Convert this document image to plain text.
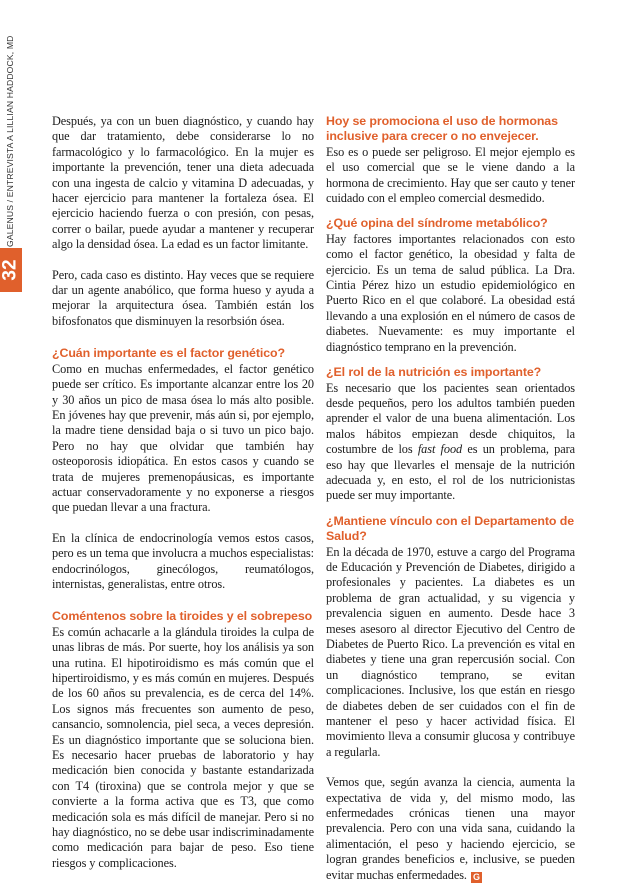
GALENUS / ENTREVISTA A LILLIAN HADDOCK, MD
32

Después, ya con un buen diagnóstico, y cuando hay que dar tratamiento, debe considerarse lo no farmacológico y lo farmacológico. En la mujer es importante la prevención, tener una dieta adecuada con una ingesta de calcio y vitamina D adecuadas, y hacer ejercicio para mantener la fortaleza ósea. El ejercicio haciendo fuerza o con presión, con pesas, correr o bailar, puede ayudar a mantener y recuperar algo la densidad ósea. La edad es un factor limitante.

Pero, cada caso es distinto. Hay veces que se requiere dar un agente anabólico, que forma hueso y ayuda a mejorar la arquitectura ósea. También están los bifosfonatos que disminuyen la resorbsión ósea.

¿Cuán importante es el factor genético?

Como en muchas enfermedades, el factor genético puede ser crítico. Es importante alcanzar entre los 20 y 30 años un pico de masa ósea lo más alto posible. En jóvenes hay que prevenir, más aún si, por ejemplo, la madre tiene densidad baja o si tuvo un pico bajo. Pero no hay que olvidar que también hay osteoporosis idiopática. En estos casos y cuando se trata de mujeres premenopáusicas, es importante actuar conservadoramente y no exponerse a riesgos que puedan llevar a una fractura.

En la clínica de endocrinología vemos estos casos, pero es un tema que involucra a muchos especialistas: endocrinólogos, ginecólogos, reumatólogos, internistas, generalistas, entre otros.

Coméntenos sobre la tiroides y el sobrepeso

Es común achacarle a la glándula tiroides la culpa de unas libras de más. Por suerte, hoy los análisis ya son una rutina. El hipotiroidismo es más común que el hipertiroidismo, y es más común en mujeres. Después de los 60 años su prevalencia, es de cerca del 14%. Los signos más frecuentes son aumento de peso, cansancio, somnolencia, piel seca, a veces depresión. Es un diagnóstico importante que se soluciona bien. Es necesario hacer pruebas de laboratorio y hay medicación bien conocida y bastante estandarizada con T4 (tiroxina) que se controla mejor y que se convierte a la forma activa que es T3, que como medicación sola es más difícil de manejar. Pero si no hay diagnóstico, no se debe usar indiscriminadamente como medicación para bajar de peso. Eso tiene riesgos y complicaciones.

Hoy se promociona el uso de hormonas inclusive para crecer o no envejecer.

Eso es o puede ser peligroso. El mejor ejemplo es el uso comercial que se le viene dando a la hormona de crecimiento. Hay que ser cauto y tener cuidado con el empleo comercial desmedido.

¿Qué opina del síndrome metabólico?

Hay factores importantes relacionados con esto como el factor genético, la obesidad y falta de ejercicio. Es un tema de salud pública. La Dra. Cintia Pérez hizo un estudio epidemiológico en Puerto Rico en el que colaboré. La obesidad está llevando a una explosión en el número de casos de diabetes. Nuevamente: es muy importante el diagnóstico temprano en la prevención.

¿El rol de la nutrición es importante?

Es necesario que los pacientes sean orientados desde pequeños, pero los adultos también pueden aprender el valor de una buena alimentación. Los malos hábitos empiezan desde chiquitos, la costumbre de los fast food es un problema, para eso hay que llevarles el mensaje de la nutrición adecuada y, en esto, el rol de los nutricionistas puede ser muy importante.

¿Mantiene vínculo con el Departamento de Salud?

En la década de 1970, estuve a cargo del Programa de Educación y Prevención de Diabetes, dirigido a profesionales y pacientes. La diabetes es un problema de gran actualidad, y su vigencia y prevalencia siguen en aumento. Desde hace 3 meses asesoro al director Ejecutivo del Centro de Diabetes de Puerto Rico. La prevención es vital en diabetes y tiene una gran repercusión social. Con un diagnóstico temprano, se evitan complicaciones. Inclusive, los que están en riesgo de diabetes deben de ser cuidados con el fin de mantener el peso y hacer actividad física. El movimiento lleva a consumir glucosa y contribuye a regularla.

Vemos que, según avanza la ciencia, aumenta la expectativa de vida y, del mismo modo, las enfermedades crónicas tienen una mayor prevalencia. Pero con una vida sana, cuidando la alimentación, el peso y haciendo ejercicio, se logran grandes beneficios e, inclusive, se pueden evitar muchas enfermedades. G
